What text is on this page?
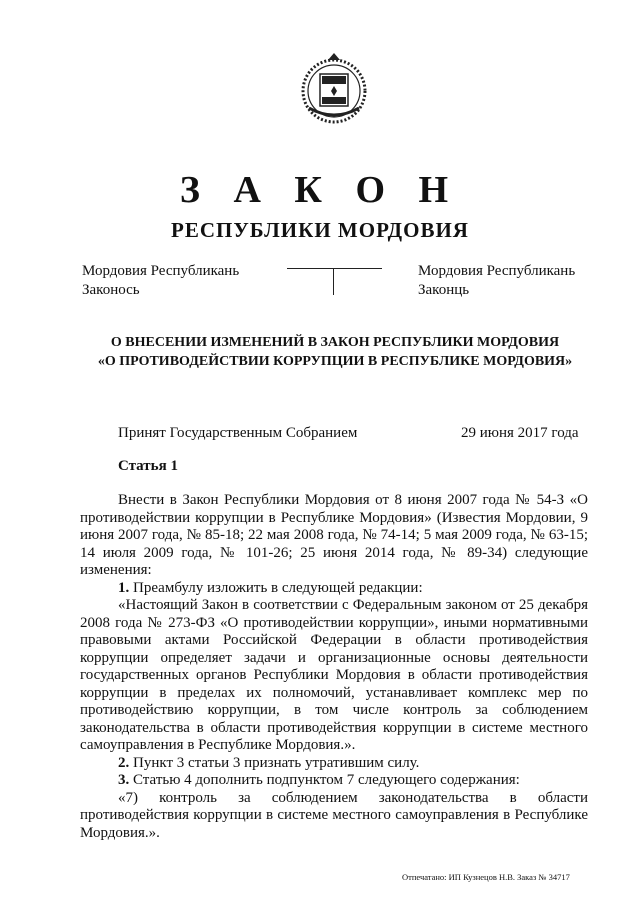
З А К О Н
РЕСПУБЛИКИ МОРДОВИЯ
Мордовия Республикань
Законось
Мордовия Республикань
Законць
О ВНЕСЕНИИ ИЗМЕНЕНИЙ В ЗАКОН РЕСПУБЛИКИ МОРДОВИЯ
«О ПРОТИВОДЕЙСТВИИ КОРРУПЦИИ В РЕСПУБЛИКЕ МОРДОВИЯ»
Принят Государственным Собранием	29 июня 2017 года
Статья 1

Внести в Закон Республики Мордовия от 8 июня 2007 года № 54-З «О противодействии коррупции в Республике Мордовия» (Известия Мордовии, 9 июня 2007 года, № 85-18; 22 мая 2008 года, № 74-14; 5 мая 2009 года, № 63-15; 14 июля 2009 года, № 101-26; 25 июня 2014 года, № 89-34) следующие изменения:

1. Преамбулу изложить в следующей редакции:

«Настоящий Закон в соответствии с Федеральным законом от 25 декабря 2008 года № 273-ФЗ «О противодействии коррупции», иными нормативными правовыми актами Российской Федерации в области противодействия коррупции определяет задачи и организационные основы деятельности государственных органов Республики Мордовия в области противодействия коррупции в пределах их полномочий, устанавливает комплекс мер по противодействию коррупции, в том числе контроль за соблюдением законодательства в области противодействия коррупции в системе местного самоуправления в Республике Мордовия.».

2. Пункт 3 статьи 3 признать утратившим силу.

3. Статью 4 дополнить подпунктом 7 следующего содержания:

«7) контроль за соблюдением законодательства в области противодействия коррупции в системе местного самоуправления в Республике Мордовия.».

Отпечатано: ИП Кузнецов Н.В. Заказ № 34717
